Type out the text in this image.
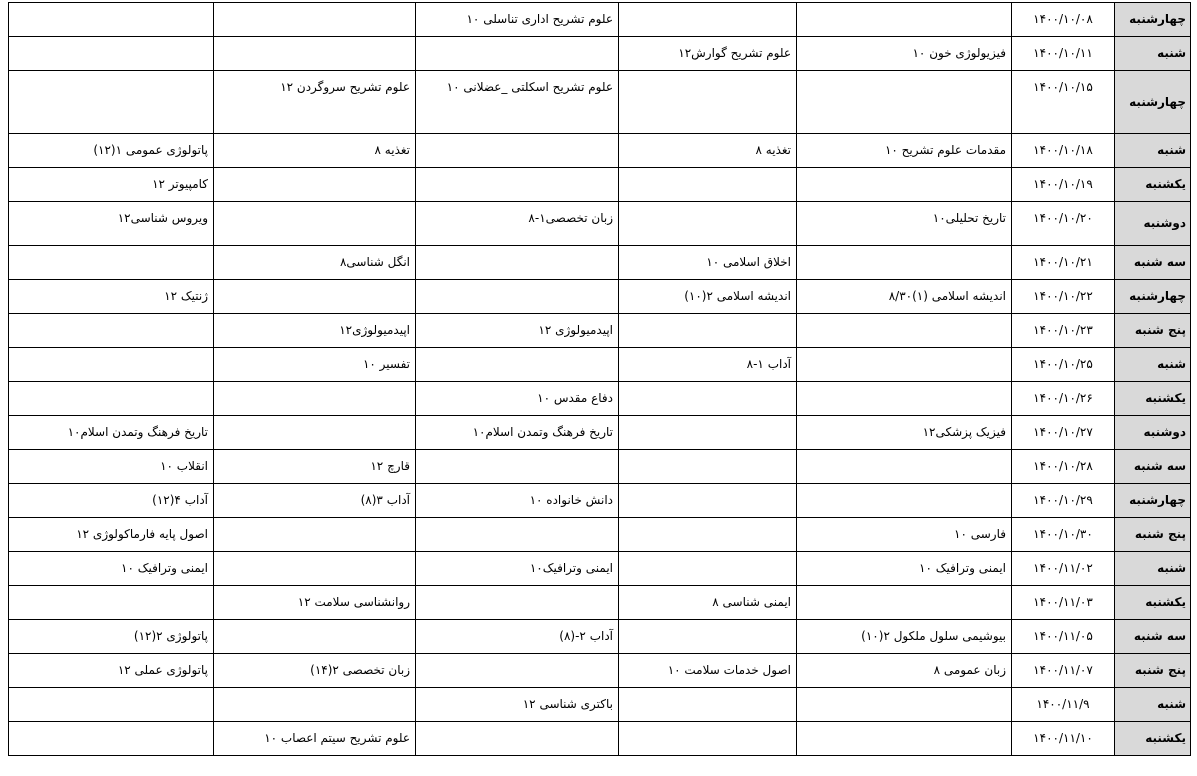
چهارشنبه	۱۴۰۰/۱۰/۰۸			علوم تشریح اداری تناسلی ۱۰		
شنبه	۱۴۰۰/۱۰/۱۱	فیزیولوژی خون ۱۰	علوم تشریح گوارش۱۲			
چهارشنبه	۱۴۰۰/۱۰/۱۵			علوم تشریح اسکلتی _عضلانی ۱۰	علوم تشریح سروگردن ۱۲	
شنبه	۱۴۰۰/۱۰/۱۸	مقدمات علوم تشریح ۱۰	تغذیه ۸		تغذیه ۸	پاتولوژی عمومی ۱(۱۲)
یکشنبه	۱۴۰۰/۱۰/۱۹					کامپیوتر ۱۲
دوشنبه	۱۴۰۰/۱۰/۲۰	تاریخ تحلیلی۱۰		زبان تخصصی۱-۸		ویروس شناسی۱۲
سه شنبه	۱۴۰۰/۱۰/۲۱		اخلاق اسلامی ۱۰		انگل شناسی۸	
چهارشنبه	۱۴۰۰/۱۰/۲۲	اندیشه اسلامی (۱)۸/۳۰	اندیشه اسلامی ۲(۱۰)			ژنتیک ۱۲
پنج شنبه	۱۴۰۰/۱۰/۲۳			اپیدمیولوژی ۱۲	اپیدمیولوژی۱۲	
شنبه	۱۴۰۰/۱۰/۲۵		آداب ۱-۸		تفسیر ۱۰	
یکشنبه	۱۴۰۰/۱۰/۲۶			دفاع مقدس ۱۰		
دوشنبه	۱۴۰۰/۱۰/۲۷	فیزیک پزشکی۱۲		تاریخ فرهنگ وتمدن اسلام۱۰		تاریخ فرهنگ وتمدن اسلام۱۰
سه شنبه	۱۴۰۰/۱۰/۲۸				قارچ ۱۲	انقلاب ۱۰
چهارشنبه	۱۴۰۰/۱۰/۲۹			دانش خانواده ۱۰	آداب ۳(۸)	آداب ۴(۱۲)
پنج شنبه	۱۴۰۰/۱۰/۳۰	فارسی ۱۰				اصول پایه فارماکولوژی ۱۲
شنبه	۱۴۰۰/۱۱/۰۲	ایمنی وترافیک ۱۰		ایمنی وترافیک۱۰		ایمنی وترافیک ۱۰
یکشنبه	۱۴۰۰/۱۱/۰۳		ایمنی شناسی ۸		روانشناسی سلامت ۱۲	
سه شنبه	۱۴۰۰/۱۱/۰۵	بیوشیمی سلول ملکول ۲(۱۰)		آداب ۲-(۸)		پاتولوژی ۲(۱۲)
پنج شنبه	۱۴۰۰/۱۱/۰۷	زبان عمومی ۸	اصول خدمات سلامت ۱۰		زبان تخصصی ۲(۱۴)	پاتولوژی عملی ۱۲
شنبه	۱۴۰۰/۱۱/۹			باکتری شناسی ۱۲		
یکشنبه	۱۴۰۰/۱۱/۱۰				علوم تشریح سیتم اعصاب ۱۰	
